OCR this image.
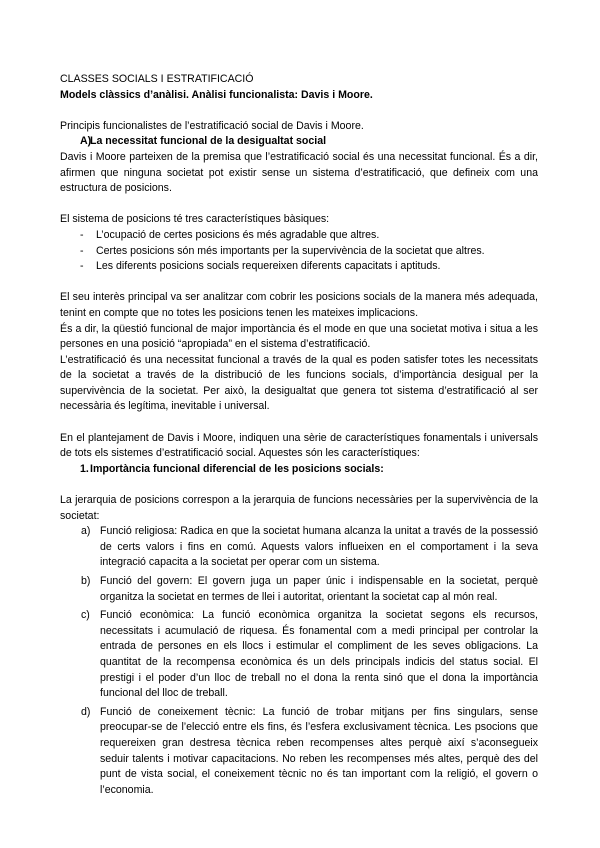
CLASSES SOCIALS I ESTRATIFICACIÓ

Models clàssics d’anàlisi. Anàlisi funcionalista: Davis i Moore.

Principis funcionalistes de l’estratificació social de Davis i Moore.

A)
La necessitat funcional de la desigualtat social

Davis i Moore parteixen de la premisa que l’estratificació social és una necessitat funcional. És a dir, afirmen que ninguna societat pot existir sense un sistema d’estratificació, que defineix com una estructura de posicions.

El sistema de posicions té tres característiques bàsiques:

-	L’ocupació de certes posicions és més agradable que altres.
-	Certes posicions són més importants per la supervivència de la societat que altres.
-	Les diferents posicions socials requereixen diferents capacitats i aptituds.

El seu interès principal va ser analitzar com cobrir les posicions socials de la manera més adequada, tenint en compte que no totes les posicions tenen les mateixes implicacions.

És a dir, la qüestió funcional de major importància és el mode en que una societat motiva i situa a les persones en una posició “apropiada” en el sistema d’estratificació.

L’estratificació és una necessitat funcional a través de la qual es poden satisfer totes les necessitats de la societat a través de la distribució de les funcions socials, d’importància desigual per la supervivència de la societat. Per això, la desigualtat que genera tot sistema d’estratificació al ser necessària és legítima, inevitable i universal.

En el plantejament de Davis i Moore, indiquen una sèrie de característiques fonamentals i universals de tots els sistemes d’estratificació social. Aquestes són les característiques:

1. Importància funcional diferencial de les posicions socials:

La jerarquia de posicions correspon a la jerarquia de funcions necessàries per la supervivència de la societat:

a) Funció religiosa: Radica en que la societat humana alcanza la unitat a través de la possessió de certs valors i fins en comú. Aquests valors influeixen en el comportament i la seva integració capacita a la societat per operar com un sistema.
b) Funció del govern: El govern juga un paper únic i indispensable en la societat, perquè organitza la societat en termes de llei i autoritat, orientant la societat cap al món real.
c) Funció econòmica: La funció econòmica organitza la societat segons els recursos, necessitats i acumulació de riquesa. És fonamental com a medi principal per controlar la entrada de persones en els llocs i estimular el compliment de les seves obligacions. La quantitat de la recompensa econòmica és un dels principals indicis del status social. El prestigi i el poder d’un lloc de treball no el dona la renta sinó que el dona la importància funcional del lloc de treball.
d) Funció de coneixement tècnic: La funció de trobar mitjans per fins singulars, sense preocupar-se de l’elecció entre els fins, és l’esfera exclusivament tècnica. Les psocions que requereixen gran destresa tècnica reben recompenses altes perquè així s’aconsegueix seduir talents i motivar capacitacions. No reben les recompenses més altes, perquè des del punt de vista social, el coneixement tècnic no és tan important com la religió, el govern o l’economia.
